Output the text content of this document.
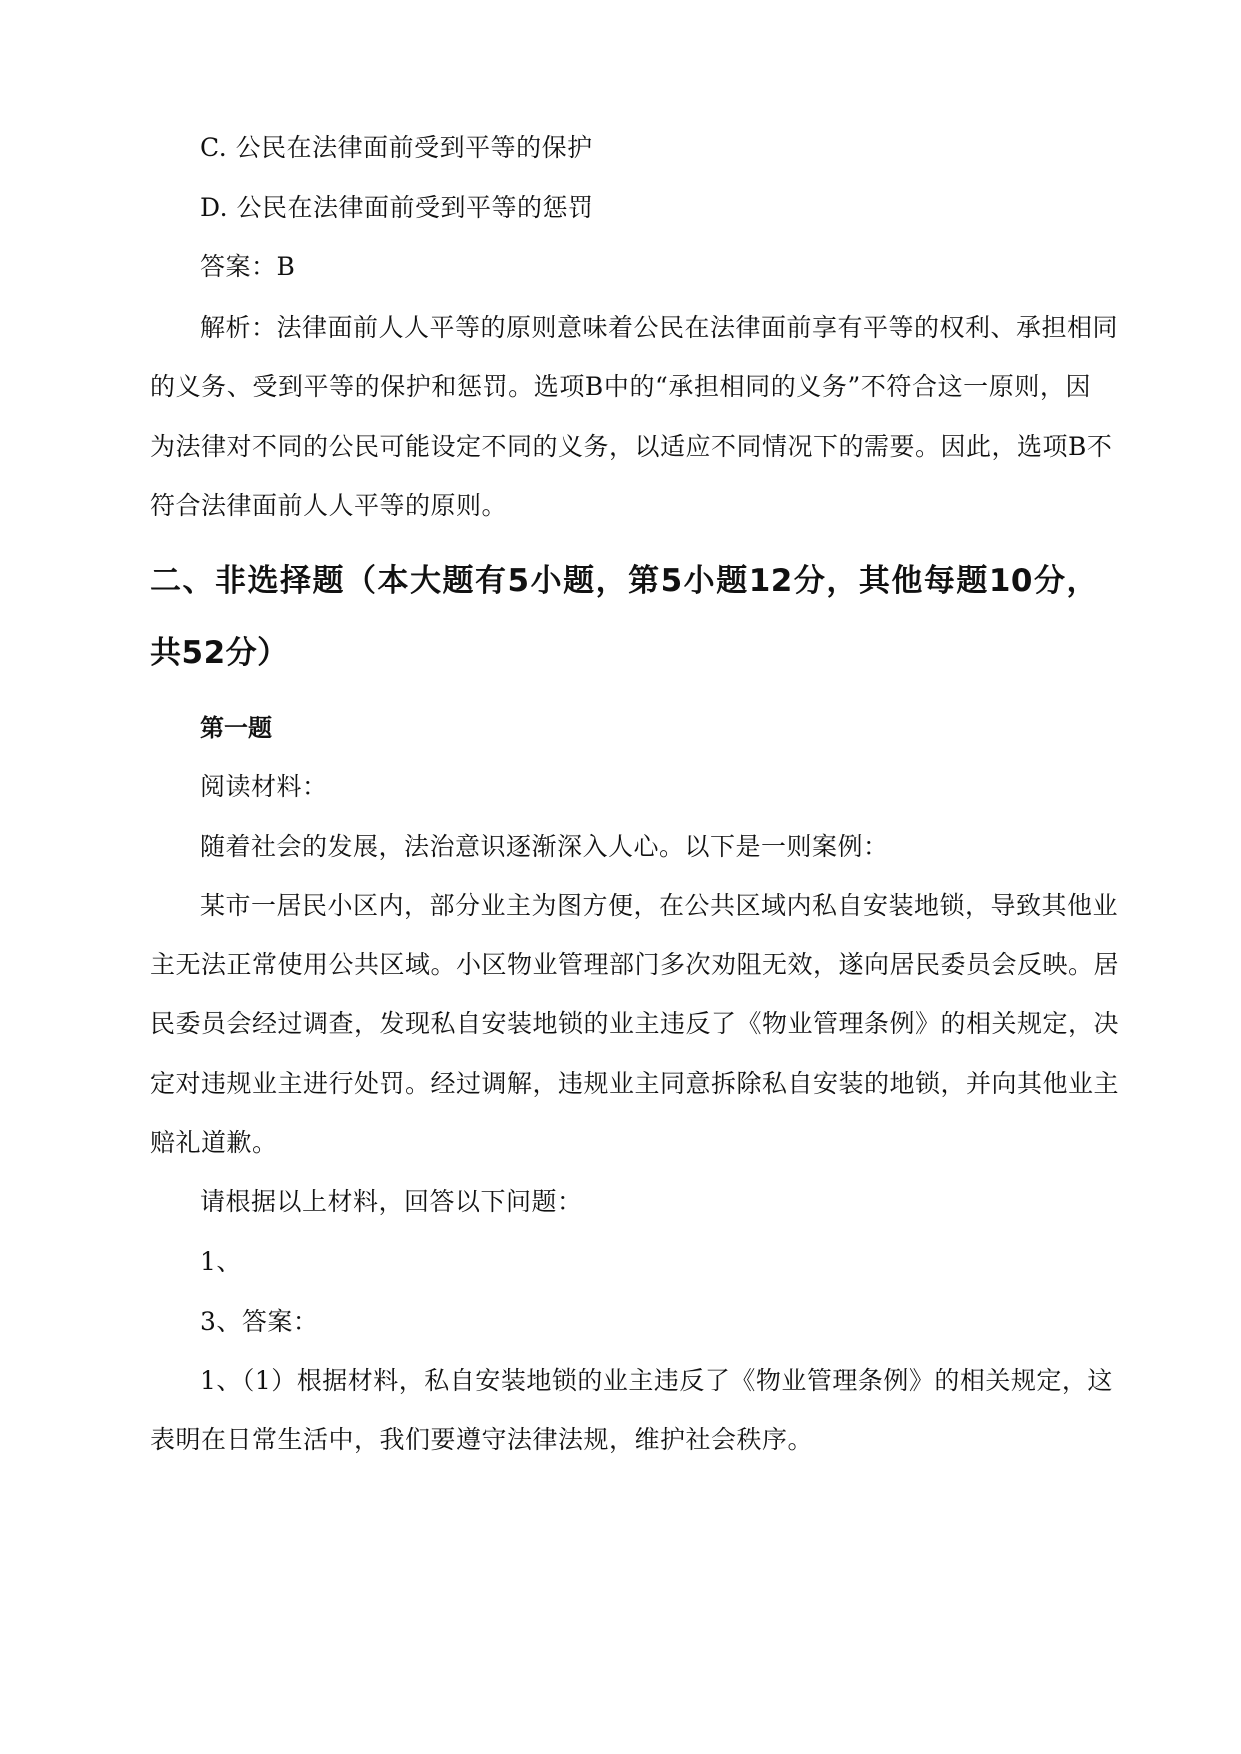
C. 公民在法律面前受到平等的保护
D. 公民在法律面前受到平等的惩罚
答案：B
解析：法律面前人人平等的原则意味着公民在法律面前享有平等的权利、承担相同
的义务、受到平等的保护和惩罚。选项B中的“承担相同的义务”不符合这一原则，因
为法律对不同的公民可能设定不同的义务，以适应不同情况下的需要。因此，选项B不
符合法律面前人人平等的原则。
二、非选择题（本大题有5小题，第5小题12分，其他每题10分，
共52分）
第一题
阅读材料：
随着社会的发展，法治意识逐渐深入人心。以下是一则案例：
某市一居民小区内，部分业主为图方便，在公共区域内私自安装地锁，导致其他业
主无法正常使用公共区域。小区物业管理部门多次劝阻无效，遂向居民委员会反映。居
民委员会经过调查，发现私自安装地锁的业主违反了《物业管理条例》的相关规定，决
定对违规业主进行处罚。经过调解，违规业主同意拆除私自安装的地锁，并向其他业主
赔礼道歉。
请根据以上材料，回答以下问题：
1、
3、答案：
1、（1）根据材料，私自安装地锁的业主违反了《物业管理条例》的相关规定，这
表明在日常生活中，我们要遵守法律法规，维护社会秩序。
